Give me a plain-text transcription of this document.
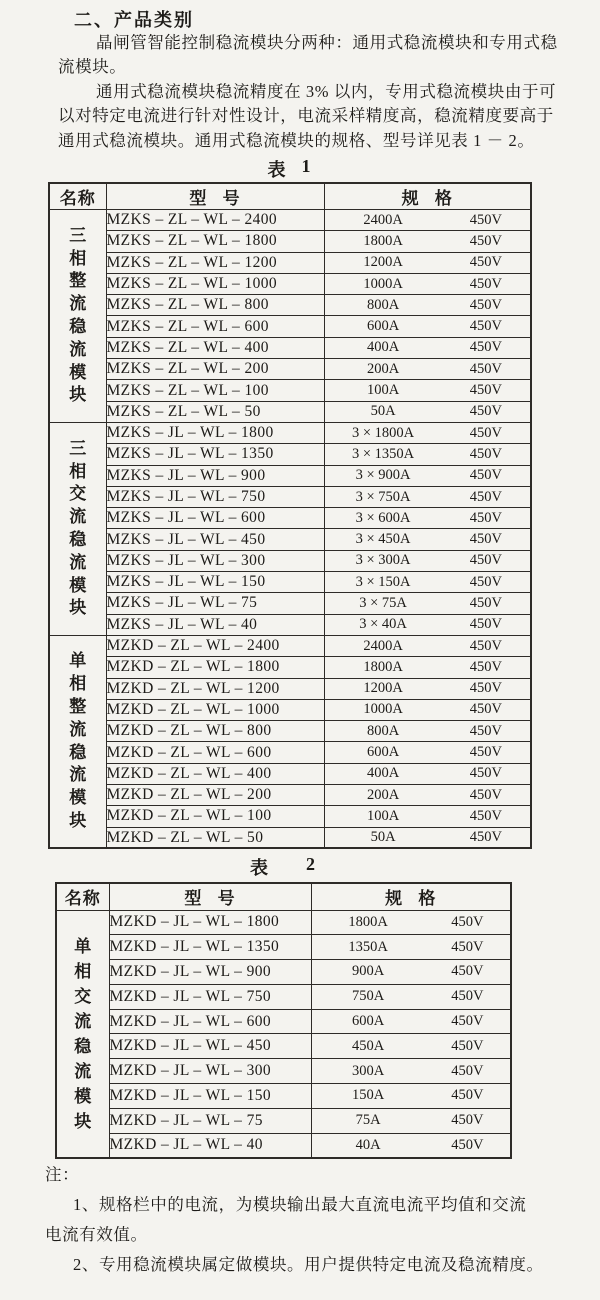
二、产品类别
晶闸管智能控制稳流模块分两种：通用式稳流模块和专用式稳
流模块。
通用式稳流模块稳流精度在 3% 以内，专用式稳流模块由于可
以对特定电流进行针对性设计，电流采样精度高，稳流精度要高于
通用式稳流模块。通用式稳流模块的规格、型号详见表 1 － 2。
表 1
名称	型 号	规 格

三
相
整
流
稳
流
模
块
	MZKS – ZL – WL – 2400	2400A	450V

	MZKS – ZL – WL – 1800	1800A 450V

	MZKS – ZL – WL – 1200	1200A 450V

	MZKS – ZL – WL – 1000	1000A 450V

	MZKS – ZL – WL – 800	800A 450V

	MZKS – ZL – WL – 600	600A 450V

	MZKS – ZL – WL – 400	400A 450V

	MZKS – ZL – WL – 200	200A 450V

	MZKS – ZL – WL – 100	100A 450V

	MZKS – ZL – WL – 50	50A 450V

三
相
交
流
稳
流
模
块
	MZKS – JL – WL – 1800	3 × 1800A	450V

	MZKS – JL – WL – 1350	3 × 1350A 450V

	MZKS – JL – WL – 900	3 × 900A 450V

	MZKS – JL – WL – 750	3 × 750A 450V

	MZKS – JL – WL – 600	3 × 600A 450V

	MZKS – JL – WL – 450	3 × 450A 450V

	MZKS – JL – WL – 300	3 × 300A 450V

	MZKS – JL – WL – 150	3 × 150A 450V

	MZKS – JL – WL – 75	3 × 75A 450V

	MZKS – JL – WL – 40	3 × 40A 450V

单
相
整
流
稳
流
模
块
	MZKD – ZL – WL – 2400	2400A	450V

	MZKD – ZL – WL – 1800	1800A 450V

	MZKD – ZL – WL – 1200	1200A 450V

	MZKD – ZL – WL – 1000	1000A 450V

	MZKD – ZL – WL – 800	800A 450V

	MZKD – ZL – WL – 600	600A 450V

	MZKD – ZL – WL – 400	400A 450V

	MZKD – ZL – WL – 200	200A 450V

	MZKD – ZL – WL – 100	100A 450V

	MZKD – ZL – WL – 50	50A 450V
表 2
名称	型 号	规 格

单
相
交
流
稳
流
模
块
	MZKD – JL – WL – 1800	1800A	450V

	MZKD – JL – WL – 1350	1350A 450V

	MZKD – JL – WL – 900	900A 450V

	MZKD – JL – WL – 750	750A 450V

	MZKD – JL – WL – 600	600A 450V

	MZKD – JL – WL – 450	450A 450V

	MZKD – JL – WL – 300	300A 450V

	MZKD – JL – WL – 150	150A 450V

	MZKD – JL – WL – 75	75A 450V

	MZKD – JL – WL – 40	40A 450V
注：
1、规格栏中的电流，为模块输出最大直流电流平均值和交流
电流有效值。
2、专用稳流模块属定做模块。用户提供特定电流及稳流精度。
